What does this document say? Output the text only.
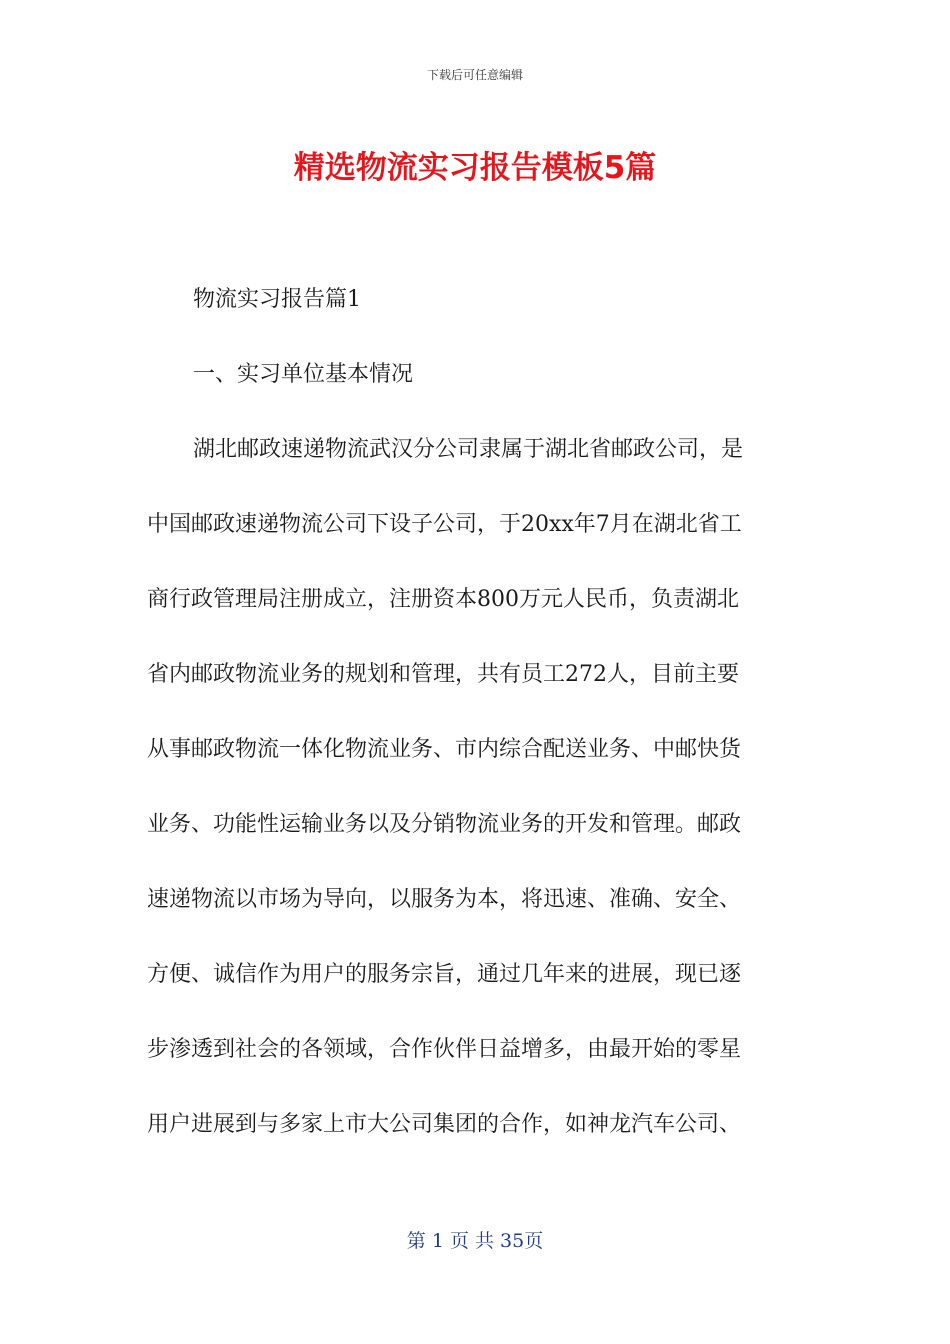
下载后可任意编辑
精选物流实习报告模板5篇
物流实习报告篇1
一、实习单位基本情况
湖北邮政速递物流武汉分公司隶属于湖北省邮政公司，是
中国邮政速递物流公司下设子公司，于20xx年7月在湖北省工
商行政管理局注册成立，注册资本800万元人民币，负责湖北
省内邮政物流业务的规划和管理，共有员工272人，目前主要
从事邮政物流一体化物流业务、市内综合配送业务、中邮快货
业务、功能性运输业务以及分销物流业务的开发和管理。邮政
速递物流以市场为导向，以服务为本，将迅速、准确、安全、
方便、诚信作为用户的服务宗旨，通过几年来的进展，现已逐
步渗透到社会的各领域，合作伙伴日益增多，由最开始的零星
用户进展到与多家上市大公司集团的合作，如神龙汽车公司、
第 1 页 共 35页
